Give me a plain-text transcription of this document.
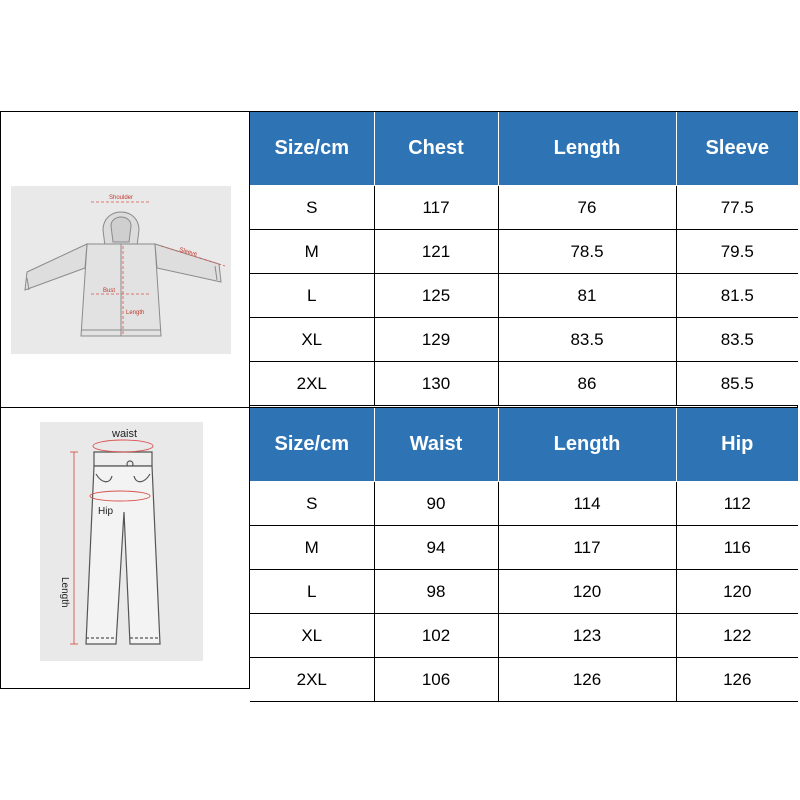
Shoulder
Sleeve
Bust
Length
waist
Hip
Length
Size/cm	Chest	Length	Sleeve
S	117	76	77.5
M	121	78.5	79.5
L	125	81	81.5
XL	129	83.5	83.5
2XL	130	86	85.5
Size/cm	Waist	Length	Hip
S	90	114	112
M	94	117	116
L	98	120	120
XL	102	123	122
2XL	106	126	126
